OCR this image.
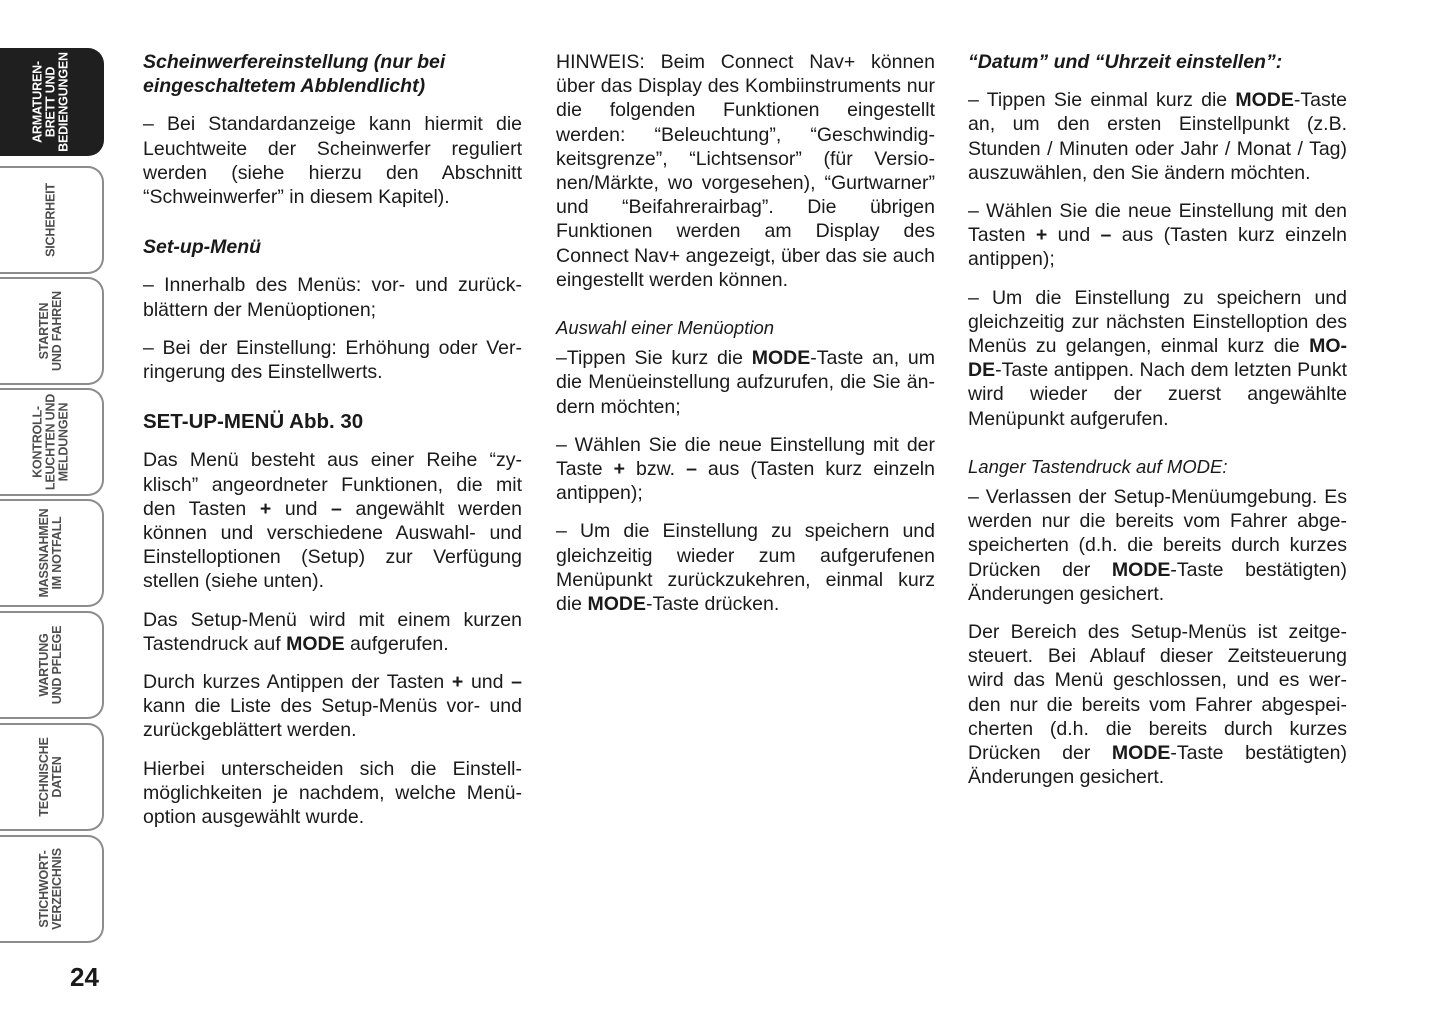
ARMATUREN-
BRETT UND
BEDIENGUNGEN
SICHERHEIT
STARTEN
UND FAHREN
KONTROLL-
LEUCHTEN UND
MELDUNGEN
MASSNAHMEN
IM NOTFALL
WARTUNG
UND PFLEGE
TECHNISCHE
DATEN
STICHWORT-
VERZEICHNIS
24
Scheinwerfereinstellung (nur bei eingeschaltetem Abblendlicht)

– Bei Standardanzeige kann hiermit die Leuchtweite der Scheinwerfer reguliert werden (siehe hierzu den Abschnitt “Schweinwerfer” in diesem Kapitel).

Set-up-Menü

– Innerhalb des Menüs: vor- und zurückblättern der Menüoptionen;

– Bei der Einstellung: Erhöhung oder Verringerung des Einstellwerts.

SET-UP-MENÜ Abb. 30

Das Menü besteht aus einer Reihe “zyklisch” angeordneter Funktionen, die mit den Tasten + und – angewählt werden können und verschiedene Auswahl- und Einstelloptionen (Setup) zur Verfügung stellen (siehe unten).

Das Setup-Menü wird mit einem kurzen Tastendruck auf MODE aufgerufen.

Durch kurzes Antippen der Tasten + und – kann die Liste des Setup-Menüs vor- und zurückgeblättert werden.

Hierbei unterscheiden sich die Einstellmöglichkeiten je nachdem, welche Menüoption ausgewählt wurde.

HINWEIS: Beim Connect Nav+ können über das Display des Kombiinstruments nur die folgenden Funktionen eingestellt werden: “Beleuchtung”, “Geschwindigkeitsgrenze”, “Lichtsensor” (für Versionen/Märkte, wo vorgesehen), “Gurtwarner” und “Beifahrerairbag”. Die übrigen Funktionen werden am Display des Connect Nav+ angezeigt, über das sie auch eingestellt werden können.

Auswahl einer Menüoption

–Tippen Sie kurz die MODE-Taste an, um die Menüeinstellung aufzurufen, die Sie ändern möchten;

– Wählen Sie die neue Einstellung mit der Taste + bzw. – aus (Tasten kurz einzeln antippen);

– Um die Einstellung zu speichern und gleichzeitig wieder zum aufgerufenen Menüpunkt zurückzukehren, einmal kurz die MODE-Taste drücken.

“Datum” und “Uhrzeit einstellen”:

– Tippen Sie einmal kurz die MODE-Taste an, um den ersten Einstellpunkt (z.B. Stunden / Minuten oder Jahr / Monat / Tag) auszuwählen, den Sie ändern möchten.

– Wählen Sie die neue Einstellung mit den Tasten + und – aus (Tasten kurz einzeln antippen);

– Um die Einstellung zu speichern und gleichzeitig zur nächsten Einstelloption des Menüs zu gelangen, einmal kurz die MODE-Taste antippen. Nach dem letzten Punkt wird wieder der zuerst angewählte Menüpunkt aufgerufen.

Langer Tastendruck auf MODE:

– Verlassen der Setup-Menüumgebung. Es werden nur die bereits vom Fahrer abgespeicherten (d.h. die bereits durch kurzes Drücken der MODE-Taste bestätigten) Änderungen gesichert.

Der Bereich des Setup-Menüs ist zeitgesteuert. Bei Ablauf dieser Zeitsteuerung wird das Menü geschlossen, und es werden nur die bereits vom Fahrer abgespeicherten (d.h. die bereits durch kurzes Drücken der MODE-Taste bestätigten) Änderungen gesichert.
